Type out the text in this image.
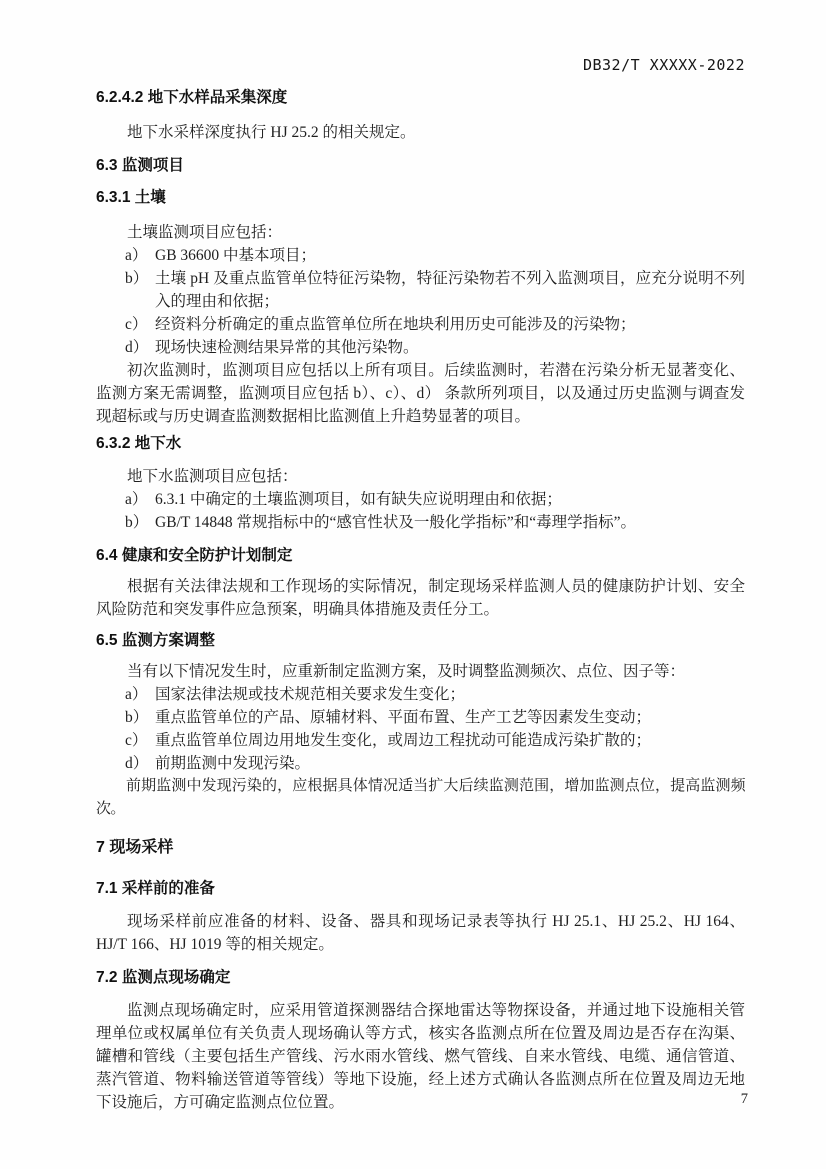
DB32/T XXXXX-2022
6.2.4.2 地下水样品采集深度

地下水采样深度执行 HJ 25.2 的相关规定。

6.3 监测项目
6.3.1 土壤

土壤监测项目应包括：

a） GB 36600 中基本项目；
b） 土壤 pH 及重点监管单位特征污染物，特征污染物若不列入监测项目，应充分说明不列入的理由和依据；
c） 经资料分析确定的重点监管单位所在地块利用历史可能涉及的污染物；
d） 现场快速检测结果异常的其他污染物。

初次监测时，监测项目应包括以上所有项目。后续监测时，若潜在污染分析无显著变化、监测方案无需调整，监测项目应包括 b）、c）、d） 条款所列项目，以及通过历史监测与调查发现超标或与历史调查监测数据相比监测值上升趋势显著的项目。

6.3.2 地下水

地下水监测项目应包括：

a） 6.3.1 中确定的土壤监测项目，如有缺失应说明理由和依据；
b） GB/T 14848 常规指标中的“感官性状及一般化学指标”和“毒理学指标”。
6.4 健康和安全防护计划制定

根据有关法律法规和工作现场的实际情况，制定现场采样监测人员的健康防护计划、安全风险防范和突发事件应急预案，明确具体措施及责任分工。

6.5 监测方案调整

当有以下情况发生时，应重新制定监测方案，及时调整监测频次、点位、因子等：

a） 国家法律法规或技术规范相关要求发生变化；
b） 重点监管单位的产品、原辅材料、平面布置、生产工艺等因素发生变动；
c） 重点监管单位周边用地发生变化，或周边工程扰动可能造成污染扩散的；
d） 前期监测中发现污染。

前期监测中发现污染的，应根据具体情况适当扩大后续监测范围，增加监测点位，提高监测频次。

7 现场采样
7.1 采样前的准备

现场采样前应准备的材料、设备、器具和现场记录表等执行 HJ 25.1、HJ 25.2、HJ 164、HJ/T 166、HJ 1019 等的相关规定。

7.2 监测点现场确定

监测点现场确定时，应采用管道探测器结合探地雷达等物探设备，并通过地下设施相关管理单位或权属单位有关负责人现场确认等方式，核实各监测点所在位置及周边是否存在沟渠、罐槽和管线（主要包括生产管线、污水雨水管线、燃气管线、自来水管线、电缆、通信管道、蒸汽管道、物料输送管道等管线）等地下设施，经上述方式确认各监测点所在位置及周边无地下设施后，方可确定监测点位位置。	7
